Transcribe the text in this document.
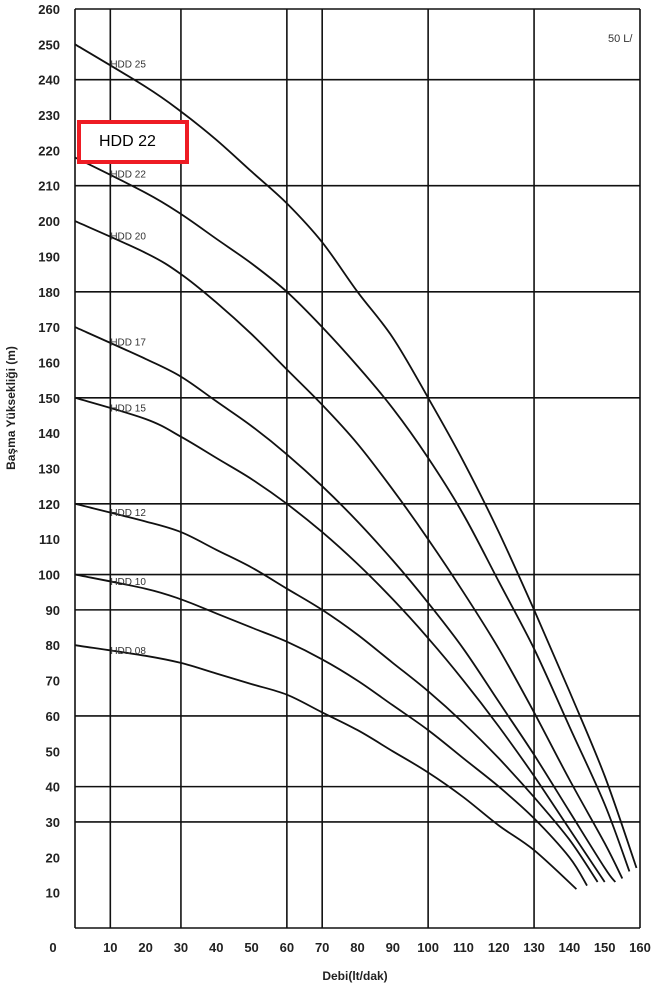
HDD 25
HDD 22
HDD 20
HDD 17
HDD 15
HDD 12
HDD 10
HDD 08
0	10 20 30 40 50 60 70 80 90 100 110 120 130 140 150 160
10
20
30
40
50
60
70
80
90
100
110
120
130
140
150
160
170
180
190
200
210
220
230
240
250
260
Debi(lt/dak)
Başma Yüksekliği (m)
50 L/
HDD 22
